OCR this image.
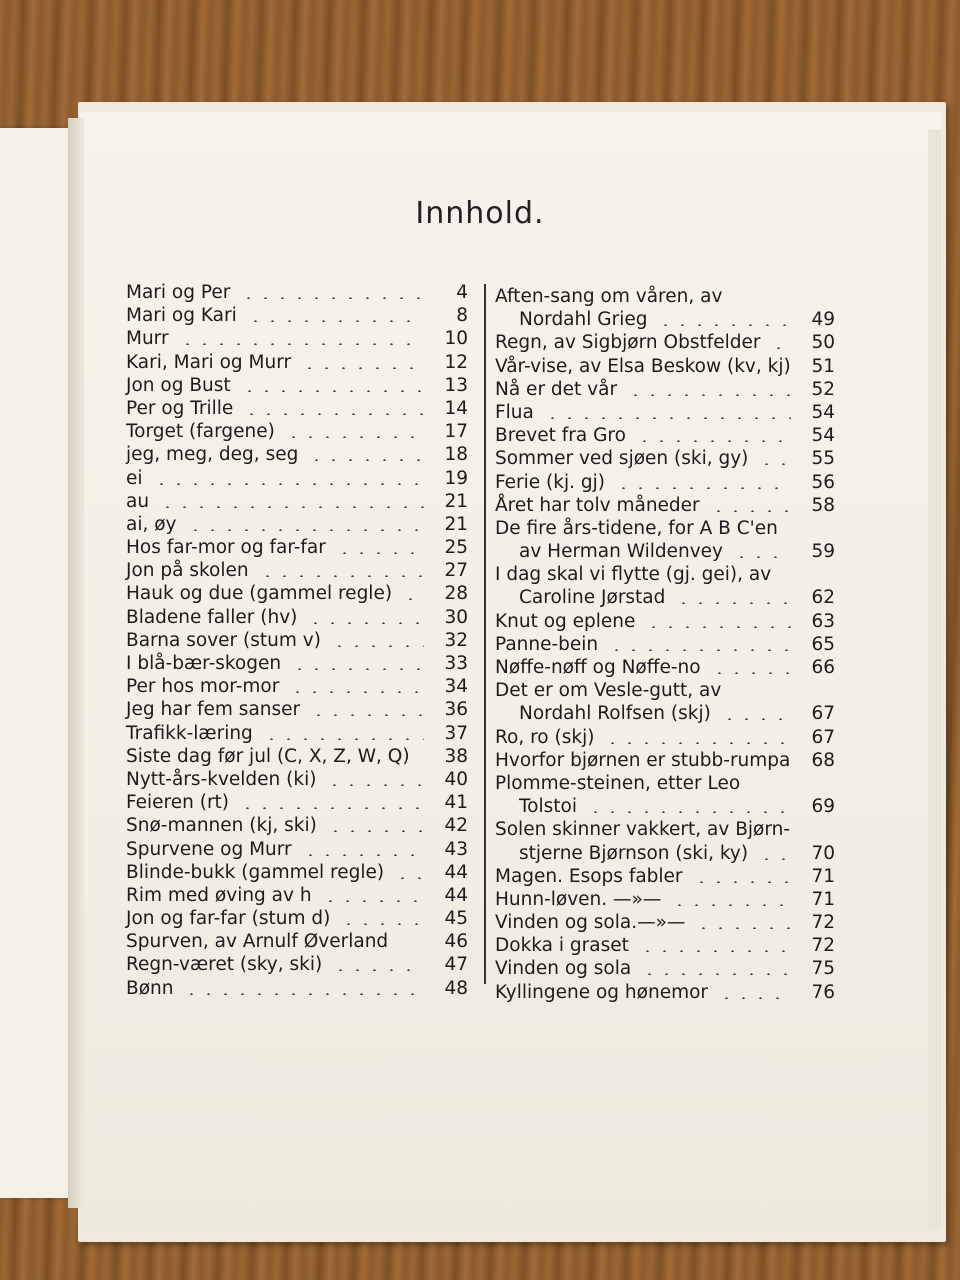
Innhold.
Mari og Per	4
Mari og Kari	8
Murr	10
Kari, Mari og Murr	12
Jon og Bust	13
Per og Trille	14
Torget (fargene)	17
jeg, meg, deg, seg	18
ei	19
au	21
ai, øy	21
Hos far-mor og far-far	25
Jon på skolen	27
Hauk og due (gammel regle)	28
Bladene faller (hv)	30
Barna sover (stum v)	32
I blå-bær-skogen	33
Per hos mor-mor	34
Jeg har fem sanser	36
Trafikk-læring	37
Siste dag før jul (C, X, Z, W, Q) 38
Nytt-års-kvelden (ki)	40
Feieren (rt)	41
Snø-mannen (kj, ski)	42
Spurvene og Murr	43
Blinde-bukk (gammel regle)	44
Rim med øving av h	44
Jon og far-far (stum d)	45
Spurven, av Arnulf Øverland	46
Regn-været (sky, ski)	47
Bønn	48
Aften-sang om våren, av
Nordahl Grieg	49
Regn, av Sigbjørn Obstfelder	50
Vår-vise, av Elsa Beskow (kv, kj) 51
Nå er det vår	52
Flua	54
Brevet fra Gro	54
Sommer ved sjøen (ski, gy)	55
Ferie (kj. gj)	56
Året har tolv måneder	58
De fire års-tidene, for A B C'en
av Herman Wildenvey	59
I dag skal vi flytte (gj. gei), av
Caroline Jørstad	62
Knut og eplene	63
Panne-bein	65
Nøffe-nøff og Nøffe-no	66
Det er om Vesle-gutt, av
Nordahl Rolfsen (skj)	67
Ro, ro (skj)	67
Hvorfor bjørnen er stubb-rumpa 68
Plomme-steinen, etter Leo
Tolstoi	69
Solen skinner vakkert, av Bjørn-
stjerne Bjørnson (ski, ky)	70
Magen. Esops fabler	71
Hunn-løven. —»—	71
Vinden og sola.—»—	72
Dokka i graset	72
Vinden og sola	75
Kyllingene og hønemor	76
